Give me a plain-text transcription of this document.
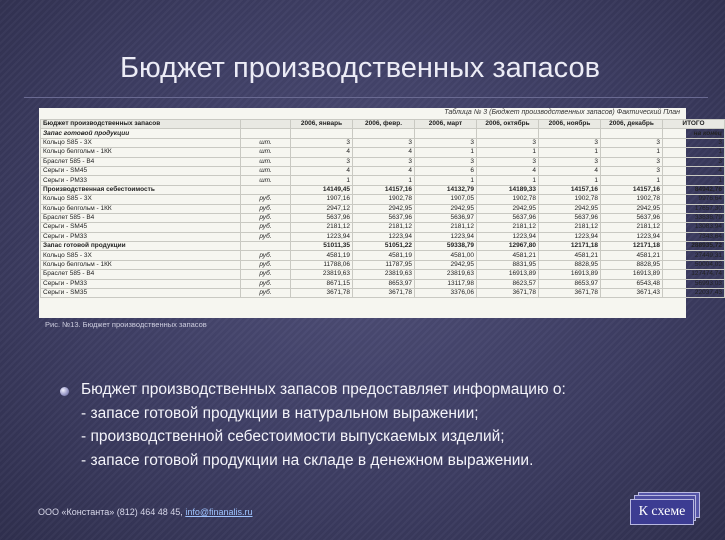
Бюджет производственных запасов
Таблица № 3 (Бюджет производственных запасов) Фактический План
Бюджет производственных запасов		2006, январь	2006, февр.	2006, март	2006, октябрь	2006, ноябрь	2006, декабрь	ИТОГО
Запас готовой продукции								на конец
Кольцо S85 - 3Х	шт.	3	3	3	3	3	3	3
Кольцо белгольм - 1КК	шт.	4	4	1	1	1	1	1
Браслет 585 - В4	шт.	3	3	3	3	3	3	3
Серьги - SM45	шт.	4	4	6	4	4	3	4
Серьги - РМ33	шт.	1	1	1	1	1	1	1
Производственная себестоимость		14149,45	14157,16	14132,79	14189,33	14157,16	14157,16	84942,76
Кольцо S85 - 3Х	руб.	1907,16	1902,78	1907,05	1902,78	1902,78	1902,78	9976,64
Кольцо белгольм - 1КК	руб.	2947,12	2942,95	2942,95	2942,95	2942,95	2942,95	17657,30
Браслет 585 - В4	руб.	5637,96	5637,96	5636,97	5637,96	5637,96	5637,96	33838,79
Серьги - SM45	руб.	2181,12	2181,12	2181,12	2181,12	2181,12	2181,12	13083,94
Серьги - РМ33	руб.	1223,94	1223,94	1223,94	1223,94	1223,94	1223,94	7343,64
Запас готовой продукции		51011,35	51051,22	59338,79	12967,80	12171,18	12171,18	288935,72
Кольцо S85 - 3Х	руб.	4581,19	4581,19	4581,00	4581,21	4581,21	4581,21	27449,31
Кольцо белгольм - 1КК	руб.	11788,06	11787,95	2942,95	8831,95	8828,95	8828,95	50004,02
Браслет 585 - В4	руб.	23819,63	23819,63	23819,63	16913,89	16913,89	16913,89	127474,74
Серьги - РМ33	руб.	8671,15	8653,97	13117,98	8623,57	8653,97	6543,48	56993,03
Серьги - SM35	руб.	3671,78	3671,78	3376,06	3671,78	3671,78	3671,43	22037,43
Рис. №13. Бюджет производственных запасов
Бюджет производственных запасов предоставляет информацию о:
- запасе готовой продукции в натуральном выражении;
- производственной себестоимости выпускаемых изделий;
- запасе готовой продукции на складе в денежном выражении.
ООО «Константа» (812) 464 48 45, info@finanalis.ru	К схеме
